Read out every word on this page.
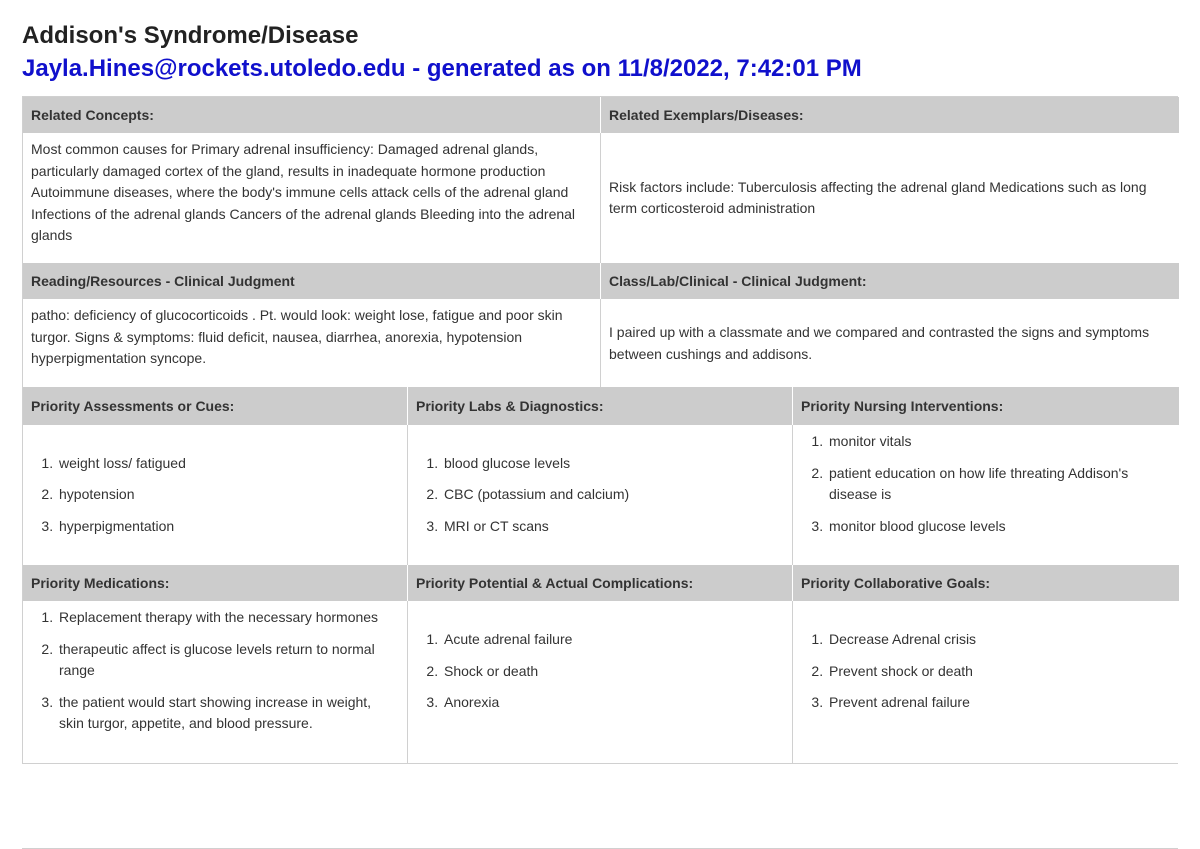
Addison's Syndrome/Disease
Jayla.Hines@rockets.utoledo.edu - generated as on 11/8/2022, 7:42:01 PM
Related Concepts:	Related Exemplars/Diseases:
Most common causes for Primary adrenal insufficiency: Damaged adrenal glands, particularly damaged cortex of the gland, results in inadequate hormone production Autoimmune diseases, where the body's immune cells attack cells of the adrenal gland Infections of the adrenal glands Cancers of the adrenal glands Bleeding into the adrenal glands
Risk factors include: Tuberculosis affecting the adrenal gland Medications such as long term corticosteroid administration
Reading/Resources - Clinical Judgment	Class/Lab/Clinical - Clinical Judgment:
patho: deficiency of glucocorticoids . Pt. would look: weight lose, fatigue and poor skin turgor. Signs & symptoms: fluid deficit, nausea, diarrhea, anorexia, hypotension hyperpigmentation syncope.
I paired up with a classmate and we compared and contrasted the signs and symptoms between cushings and addisons.
Priority Assessments or Cues:	Priority Labs & Diagnostics:	Priority Nursing Interventions:
1. weight loss/ fatigued
2. hypotension
3. hyperpigmentation
1. blood glucose levels
2. CBC (potassium and calcium)
3. MRI or CT scans
1. monitor vitals
2. patient education on how life threating Addison's disease is
3. monitor blood glucose levels
Priority Medications:	Priority Potential & Actual Complications:	Priority Collaborative Goals:
1. Replacement therapy with the necessary hormones
2. therapeutic affect is glucose levels return to normal range
3. the patient would start showing increase in weight, skin turgor, appetite, and blood pressure.
1. Acute adrenal failure
2. Shock or death
3. Anorexia
1. Decrease Adrenal crisis
2. Prevent shock or death
3. Prevent adrenal failure
